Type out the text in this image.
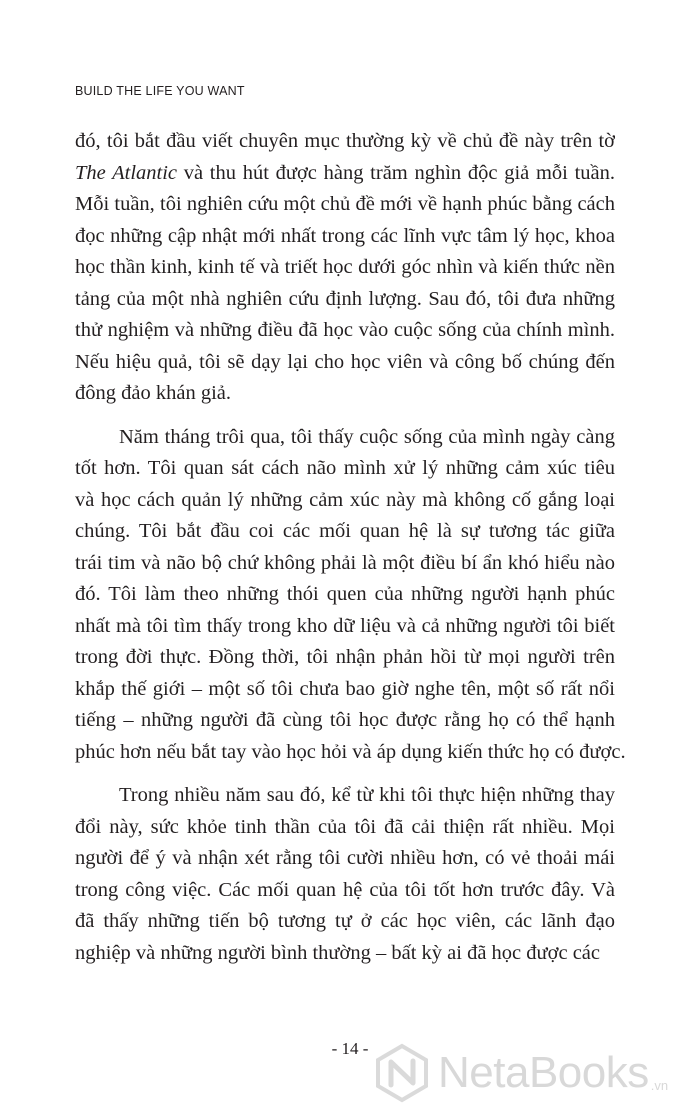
BUILD THE LIFE YOU WANT
đó, tôi bắt đầu viết chuyên mục thường kỳ về chủ đề này trên tờ
The Atlantic và thu hút được hàng trăm nghìn độc giả mỗi tuần.
Mỗi tuần, tôi nghiên cứu một chủ đề mới về hạnh phúc bằng cách
đọc những cập nhật mới nhất trong các lĩnh vực tâm lý học, khoa
học thần kinh, kinh tế và triết học dưới góc nhìn và kiến thức nền
tảng của một nhà nghiên cứu định lượng. Sau đó, tôi đưa những
thử nghiệm và những điều đã học vào cuộc sống của chính mình.
Nếu hiệu quả, tôi sẽ dạy lại cho học viên và công bố chúng đến
đông đảo khán giả.
Năm tháng trôi qua, tôi thấy cuộc sống của mình ngày càng
tốt hơn. Tôi quan sát cách não mình xử lý những cảm xúc tiêu
và học cách quản lý những cảm xúc này mà không cố gắng loại
chúng. Tôi bắt đầu coi các mối quan hệ là sự tương tác giữa
trái tim và não bộ chứ không phải là một điều bí ẩn khó hiểu nào
đó. Tôi làm theo những thói quen của những người hạnh phúc
nhất mà tôi tìm thấy trong kho dữ liệu và cả những người tôi biết
trong đời thực. Đồng thời, tôi nhận phản hồi từ mọi người trên
khắp thế giới – một số tôi chưa bao giờ nghe tên, một số rất nổi
tiếng – những người đã cùng tôi học được rằng họ có thể hạnh
phúc hơn nếu bắt tay vào học hỏi và áp dụng kiến thức họ có được.
Trong nhiều năm sau đó, kể từ khi tôi thực hiện những thay
đổi này, sức khỏe tinh thần của tôi đã cải thiện rất nhiều. Mọi
người để ý và nhận xét rằng tôi cười nhiều hơn, có vẻ thoải mái
trong công việc. Các mối quan hệ của tôi tốt hơn trước đây. Và
đã thấy những tiến bộ tương tự ở các học viên, các lãnh đạo
nghiệp và những người bình thường – bất kỳ ai đã học được các
- 14 -	NetaBooks .vn
